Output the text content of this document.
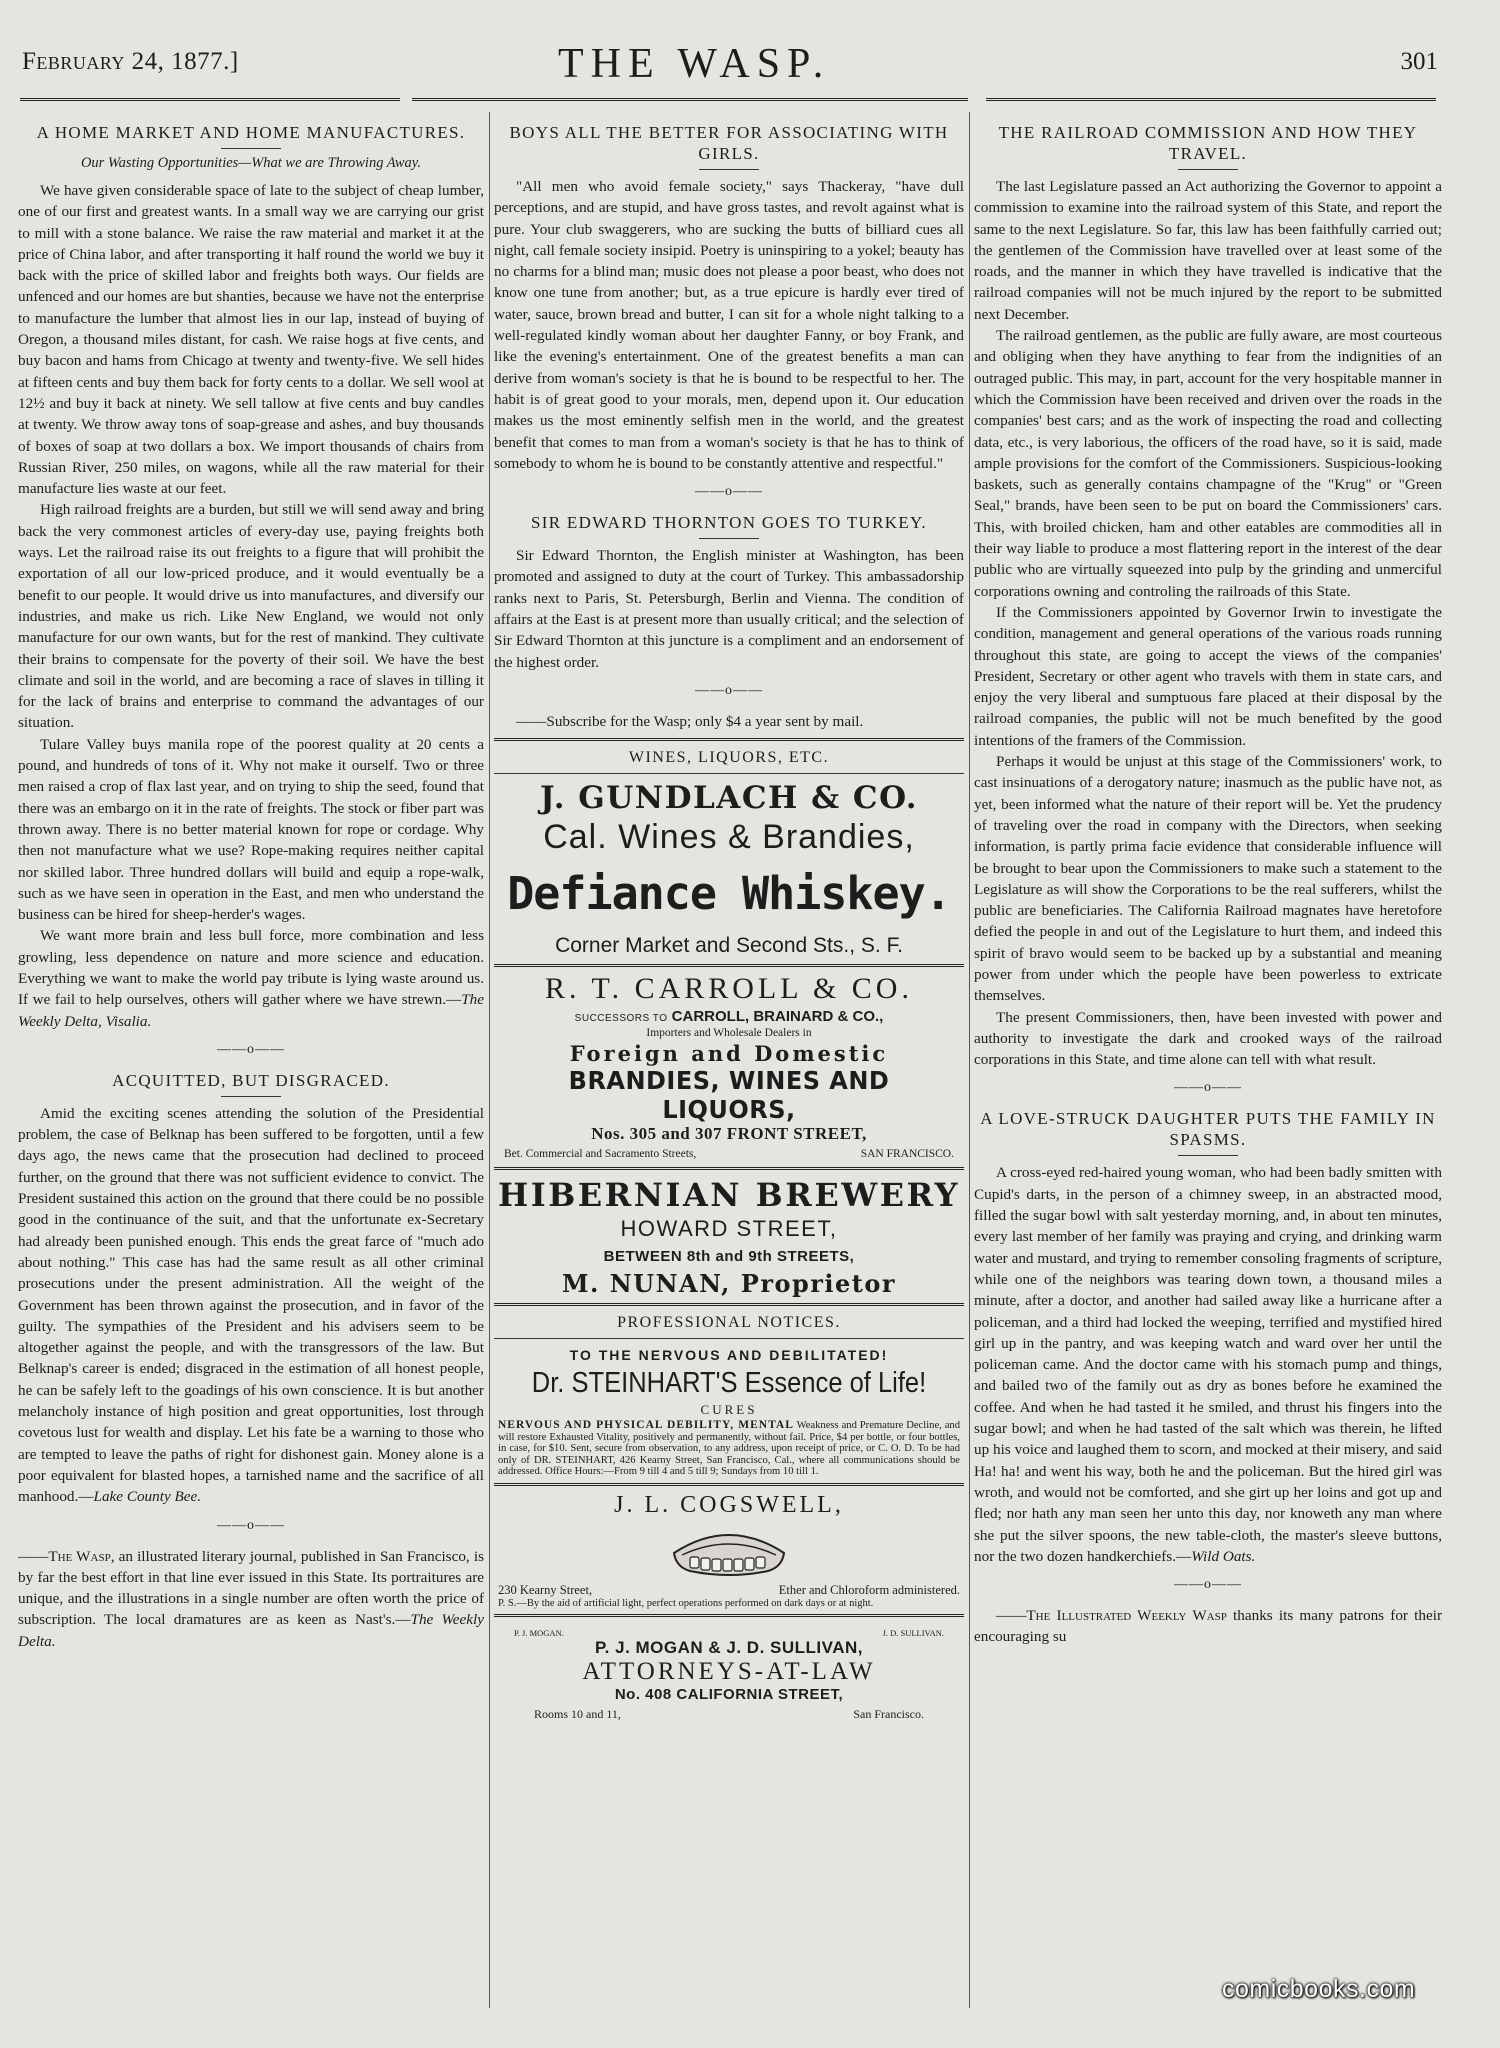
February 24, 1877.]	THE WASP.	301
A HOME MARKET AND HOME MANUFACTURES.
Our Wasting Opportunities—What we are Throwing Away.

We have given considerable space of late to the subject of cheap lumber, one of our first and greatest wants. In a small way we are carrying our grist to mill with a stone balance. We raise the raw material and market it at the price of China labor, and after transporting it half round the world we buy it back with the price of skilled labor and freights both ways. Our fields are unfenced and our homes are but shanties, because we have not the enterprise to manufacture the lumber that almost lies in our lap, instead of buying of Oregon, a thousand miles distant, for cash. We raise hogs at five cents, and buy bacon and hams from Chicago at twenty and twenty-five. We sell hides at fifteen cents and buy them back for forty cents to a dollar. We sell wool at 12½ and buy it back at ninety. We sell tallow at five cents and buy candles at twenty. We throw away tons of soap-grease and ashes, and buy thousands of boxes of soap at two dollars a box. We import thousands of chairs from Russian River, 250 miles, on wagons, while all the raw material for their manufacture lies waste at our feet.

High railroad freights are a burden, but still we will send away and bring back the very commonest articles of every-day use, paying freights both ways. Let the railroad raise its out freights to a figure that will prohibit the exportation of all our low-priced produce, and it would eventually be a benefit to our people. It would drive us into manufactures, and diversify our industries, and make us rich. Like New England, we would not only manufacture for our own wants, but for the rest of mankind. They cultivate their brains to compensate for the poverty of their soil. We have the best climate and soil in the world, and are becoming a race of slaves in tilling it for the lack of brains and enterprise to command the advantages of our situation.

Tulare Valley buys manila rope of the poorest quality at 20 cents a pound, and hundreds of tons of it. Why not make it ourself. Two or three men raised a crop of flax last year, and on trying to ship the seed, found that there was an embargo on it in the rate of freights. The stock or fiber part was thrown away. There is no better material known for rope or cordage. Why then not manufacture what we use? Rope-making requires neither capital nor skilled labor. Three hundred dollars will build and equip a rope-walk, such as we have seen in operation in the East, and men who understand the business can be hired for sheep-herder's wages.

We want more brain and less bull force, more combination and less growling, less dependence on nature and more science and education. Everything we want to make the world pay tribute is lying waste around us. If we fail to help ourselves, others will gather where we have strewn.—The Weekly Delta, Visalia.

——o——
ACQUITTED, BUT DISGRACED.

Amid the exciting scenes attending the solution of the Presidential problem, the case of Belknap has been suffered to be forgotten, until a few days ago, the news came that the prosecution had declined to proceed further, on the ground that there was not sufficient evidence to convict. The President sustained this action on the ground that there could be no possible good in the continuance of the suit, and that the unfortunate ex-Secretary had already been punished enough. This ends the great farce of "much ado about nothing." This case has had the same result as all other criminal prosecutions under the present administration. All the weight of the Government has been thrown against the prosecution, and in favor of the guilty. The sympathies of the President and his advisers seem to be altogether against the people, and with the transgressors of the law. But Belknap's career is ended; disgraced in the estimation of all honest people, he can be safely left to the goadings of his own conscience. It is but another melancholy instance of high position and great opportunities, lost through covetous lust for wealth and display. Let his fate be a warning to those who are tempted to leave the paths of right for dishonest gain. Money alone is a poor equivalent for blasted hopes, a tarnished name and the sacrifice of all manhood.—Lake County Bee.

——o——

——The Wasp, an illustrated literary journal, published in San Francisco, is by far the best effort in that line ever issued in this State. Its portraitures are unique, and the illustrations in a single number are often worth the price of subscription. The local dramatures are as keen as Nast's.—The Weekly Delta.

BOYS ALL THE BETTER FOR ASSOCIATING WITH GIRLS.

"All men who avoid female society," says Thackeray, "have dull perceptions, and are stupid, and have gross tastes, and revolt against what is pure. Your club swaggerers, who are sucking the butts of billiard cues all night, call female society insipid. Poetry is uninspiring to a yokel; beauty has no charms for a blind man; music does not please a poor beast, who does not know one tune from another; but, as a true epicure is hardly ever tired of water, sauce, brown bread and butter, I can sit for a whole night talking to a well-regulated kindly woman about her daughter Fanny, or boy Frank, and like the evening's entertainment. One of the greatest benefits a man can derive from woman's society is that he is bound to be respectful to her. The habit is of great good to your morals, men, depend upon it. Our education makes us the most eminently selfish men in the world, and the greatest benefit that comes to man from a woman's society is that he has to think of somebody to whom he is bound to be constantly attentive and respectful."

——o——
SIR EDWARD THORNTON GOES TO TURKEY.

Sir Edward Thornton, the English minister at Washington, has been promoted and assigned to duty at the court of Turkey. This ambassadorship ranks next to Paris, St. Petersburgh, Berlin and Vienna. The condition of affairs at the East is at present more than usually critical; and the selection of Sir Edward Thornton at this juncture is a compliment and an endorsement of the highest order.

——o——

——Subscribe for the Wasp; only $4 a year sent by mail.

WINES, LIQUORS, ETC.
J. GUNDLACH & CO.
Cal. Wines & Brandies,
Defiance Whiskey.
Corner Market and Second Sts., S. F.
R. T. CARROLL & CO.
SUCCESSORS TO CARROLL, BRAINARD & CO.,
Importers and Wholesale Dealers in
Foreign and Domestic
BRANDIES, WINES AND LIQUORS,
Nos. 305 and 307 FRONT STREET,
Bet. Commercial and Sacramento Streets,	SAN FRANCISCO.
HIBERNIAN BREWERY
HOWARD STREET,
BETWEEN 8th and 9th STREETS,
M. NUNAN, Proprietor
PROFESSIONAL NOTICES.
TO THE NERVOUS AND DEBILITATED!
Dr. STEINHART'S Essence of Life!
CURES
NERVOUS AND PHYSICAL DEBILITY, MENTAL Weakness and Premature Decline, and will restore Exhausted Vitality, positively and permanently, without fail. Price, $4 per bottle, or four bottles, in case, for $10. Sent, secure from observation, to any address, upon receipt of price, or C. O. D. To be had only of DR. STEINHART, 426 Kearny Street, San Francisco, Cal., where all communications should be addressed. Office Hours:—From 9 till 4 and 5 till 9; Sundays from 10 till 1.
J. L. COGSWELL,
230 Kearny Street,	Ether and Chloroform administered.
P. S.—By the aid of artificial light, perfect operations performed on dark days or at night.
P. J. MOGAN.	J. D. SULLIVAN.
P. J. MOGAN & J. D. SULLIVAN,
ATTORNEYS-AT-LAW
No. 408 CALIFORNIA STREET,
Rooms 10 and 11,	San Francisco.
THE RAILROAD COMMISSION AND HOW THEY TRAVEL.

The last Legislature passed an Act authorizing the Governor to appoint a commission to examine into the railroad system of this State, and report the same to the next Legislature. So far, this law has been faithfully carried out; the gentlemen of the Commission have travelled over at least some of the roads, and the manner in which they have travelled is indicative that the railroad companies will not be much injured by the report to be submitted next December.

The railroad gentlemen, as the public are fully aware, are most courteous and obliging when they have anything to fear from the indignities of an outraged public. This may, in part, account for the very hospitable manner in which the Commission have been received and driven over the roads in the companies' best cars; and as the work of inspecting the road and collecting data, etc., is very laborious, the officers of the road have, so it is said, made ample provisions for the comfort of the Commissioners. Suspicious-looking baskets, such as generally contains champagne of the "Krug" or "Green Seal," brands, have been seen to be put on board the Commissioners' cars. This, with broiled chicken, ham and other eatables are commodities all in their way liable to produce a most flattering report in the interest of the dear public who are virtually squeezed into pulp by the grinding and unmerciful corporations owning and controling the railroads of this State.

If the Commissioners appointed by Governor Irwin to investigate the condition, management and general operations of the various roads running throughout this state, are going to accept the views of the companies' President, Secretary or other agent who travels with them in state cars, and enjoy the very liberal and sumptuous fare placed at their disposal by the railroad companies, the public will not be much benefited by the good intentions of the framers of the Commission.

Perhaps it would be unjust at this stage of the Commissioners' work, to cast insinuations of a derogatory nature; inasmuch as the public have not, as yet, been informed what the nature of their report will be. Yet the prudency of traveling over the road in company with the Directors, when seeking information, is partly prima facie evidence that considerable influence will be brought to bear upon the Commissioners to make such a statement to the Legislature as will show the Corporations to be the real sufferers, whilst the public are beneficiaries. The California Railroad magnates have heretofore defied the people in and out of the Legislature to hurt them, and indeed this spirit of bravo would seem to be backed up by a substantial and meaning power from under which the people have been powerless to extricate themselves.

The present Commissioners, then, have been invested with power and authority to investigate the dark and crooked ways of the railroad corporations in this State, and time alone can tell with what result.

——o——
A LOVE-STRUCK DAUGHTER PUTS THE FAMILY IN SPASMS.

A cross-eyed red-haired young woman, who had been badly smitten with Cupid's darts, in the person of a chimney sweep, in an abstracted mood, filled the sugar bowl with salt yesterday morning, and, in about ten minutes, every last member of her family was praying and crying, and drinking warm water and mustard, and trying to remember consoling fragments of scripture, while one of the neighbors was tearing down town, a thousand miles a minute, after a doctor, and another had sailed away like a hurricane after a policeman, and a third had locked the weeping, terrified and mystified hired girl up in the pantry, and was keeping watch and ward over her until the policeman came. And the doctor came with his stomach pump and things, and bailed two of the family out as dry as bones before he examined the coffee. And when he had tasted it he smiled, and thrust his fingers into the sugar bowl; and when he had tasted of the salt which was therein, he lifted up his voice and laughed them to scorn, and mocked at their misery, and said Ha! ha! and went his way, both he and the policeman. But the hired girl was wroth, and would not be comforted, and she girt up her loins and got up and fled; nor hath any man seen her unto this day, nor knoweth any man where she put the silver spoons, the new table-cloth, the master's sleeve buttons, nor the two dozen handkerchiefs.—Wild Oats.

——o——

——The Illustrated Weekly Wasp thanks its many patrons for their encouraging su

comicbooks.com
